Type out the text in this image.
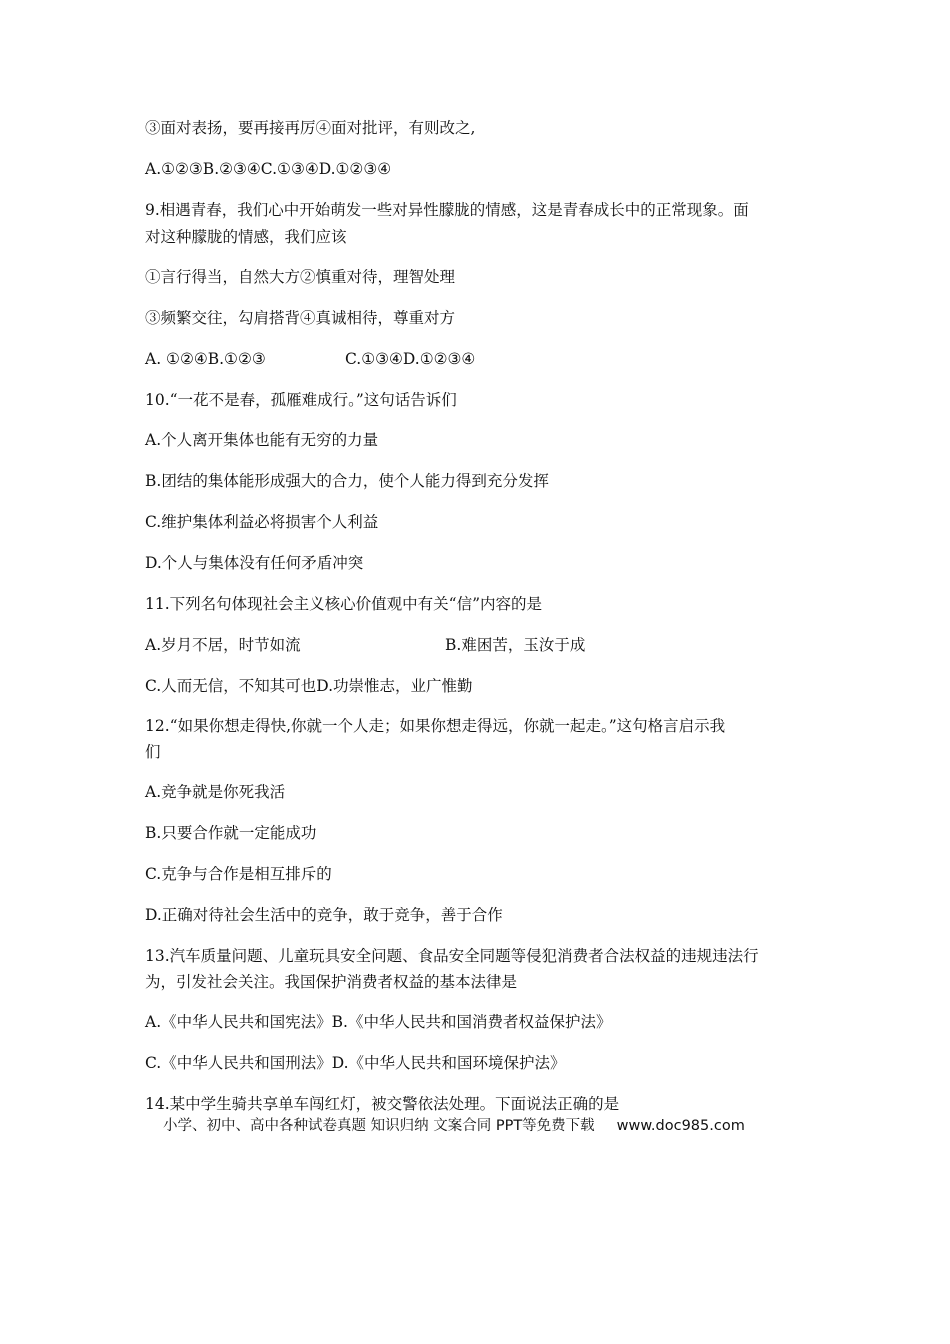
③面对表扬，要再接再厉④面对批评，有则改之,
A.①②③B.②③④C.①③④D.①②③④
9.相遇青春，我们心中开始萌发一些对异性朦胧的情感，这是青春成长中的正常现象。面
对这种朦胧的情感，我们应该
①言行得当，自然大方②慎重对待，理智处理
③频繁交往，勾肩搭背④真诚相待，尊重对方
A. ①②④B.①②③	C.①③④D.①②③④
10.“一花不是春，孤雁难成行。”这句话告诉们
A.个人离开集体也能有无穷的力量
B.团结的集体能形成强大的合力，使个人能力得到充分发挥
C.维护集体利益必将损害个人利益
D.个人与集体没有任何矛盾冲突
11.下列名句体现社会主义核心价值观中有关“信”内容的是
A.岁月不居，时节如流	B.难困苦，玉汝于成
C.人而无信，不知其可也D.功崇惟志，业广惟勤
12.“如果你想走得快,你就一个人走；如果你想走得远，你就一起走。”这句格言启示我
们
A.竞争就是你死我活
B.只要合作就一定能成功
C.克争与合作是相互排斥的
D.正确对待社会生活中的竞争，敢于竞争，善于合作
13.汽车质量问题、儿童玩具安全问题、食品安全同题等侵犯消费者合法权益的违规违法行
为，引发社会关注。我国保护消费者权益的基本法律是
A.《中华人民共和国宪法》B.《中华人民共和国消费者权益保护法》
C.《中华人民共和国刑法》D.《中华人民共和国环境保护法》
14.某中学生骑共享单车闯红灯，被交警依法处理。下面说法正确的是
小学、初中、高中各种试卷真题 知识归纳 文案合同 PPT等免费下载 www.doc985.com
